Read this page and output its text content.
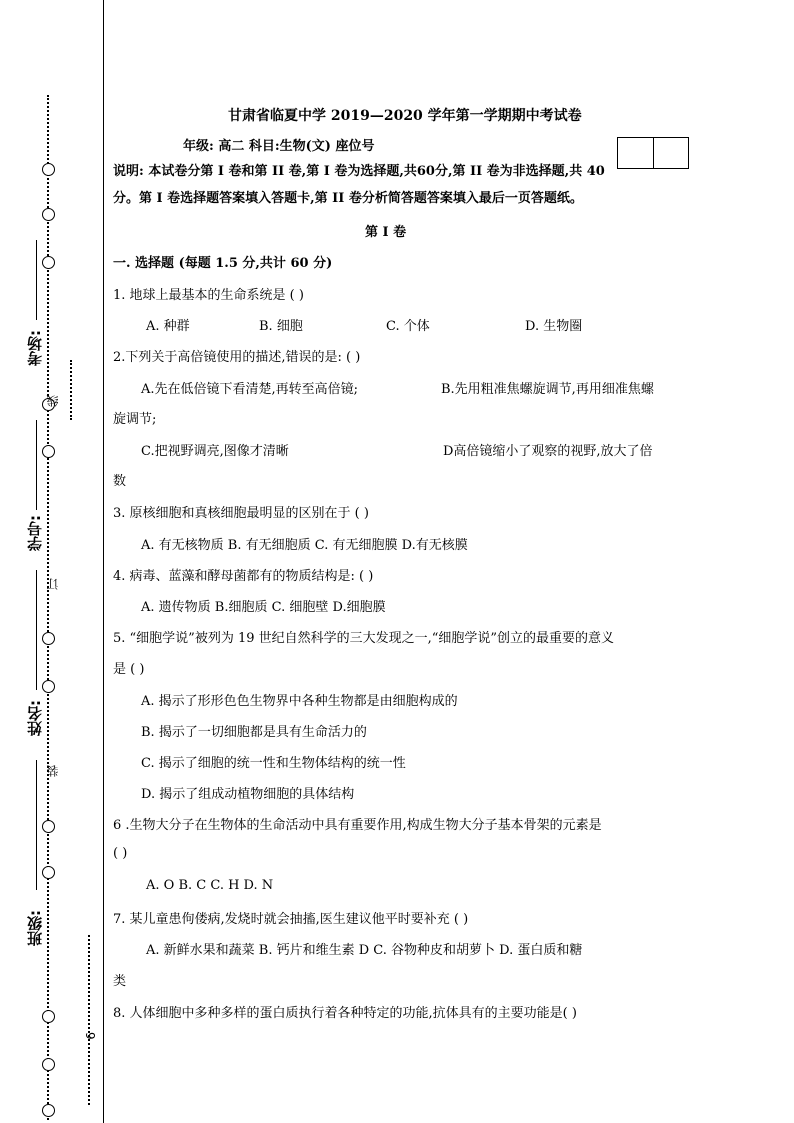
考场:
学号:
姓名:
班级:
线
订
装
6
甘肃省临夏中学 2019—2020 学年第一学期期中考试卷
年级: 高二 科目:生物(文) 座位号
说明: 本试卷分第 I 卷和第 II 卷,第 I 卷为选择题,共60分,第 II 卷为非选择题,共 40
分。第 I 卷选择题答案填入答题卡,第 II 卷分析简答题答案填入最后一页答题纸。
第 I 卷
一. 选择题 (每题 1.5 分,共计 60 分)
1. 地球上最基本的生命系统是 ( )
A. 种群	B. 细胞	C. 个体	D. 生物圈
2.下列关于高倍镜使用的描述,错误的是: ( )
A.先在低倍镜下看清楚,再转至高倍镜;	B.先用粗准焦螺旋调节,再用细准焦螺
旋调节;
C.把视野调亮,图像才清晰	D高倍镜缩小了观察的视野,放大了倍
数
3. 原核细胞和真核细胞最明显的区别在于 ( )
A. 有无核物质 B. 有无细胞质 C. 有无细胞膜 D.有无核膜
4. 病毒、蓝藻和酵母菌都有的物质结构是: ( )
A. 遗传物质 B.细胞质 C. 细胞壁 D.细胞膜
5. “细胞学说”被列为 19 世纪自然科学的三大发现之一,“细胞学说”创立的最重要的意义
是 ( )
A. 揭示了形形色色生物界中各种生物都是由细胞构成的
B. 揭示了一切细胞都是具有生命活力的
C. 揭示了细胞的统一性和生物体结构的统一性
D. 揭示了组成动植物细胞的具体结构
6 .生物大分子在生物体的生命活动中具有重要作用,构成生物大分子基本骨架的元素是
( )
A. O B. C C. H D. N
7. 某儿童患佝偻病,发烧时就会抽搐,医生建议他平时要补充 ( )
A. 新鲜水果和蔬菜 B. 钙片和维生素 D C. 谷物种皮和胡萝卜 D. 蛋白质和糖
类
8. 人体细胞中多种多样的蛋白质执行着各种特定的功能,抗体具有的主要功能是( )
